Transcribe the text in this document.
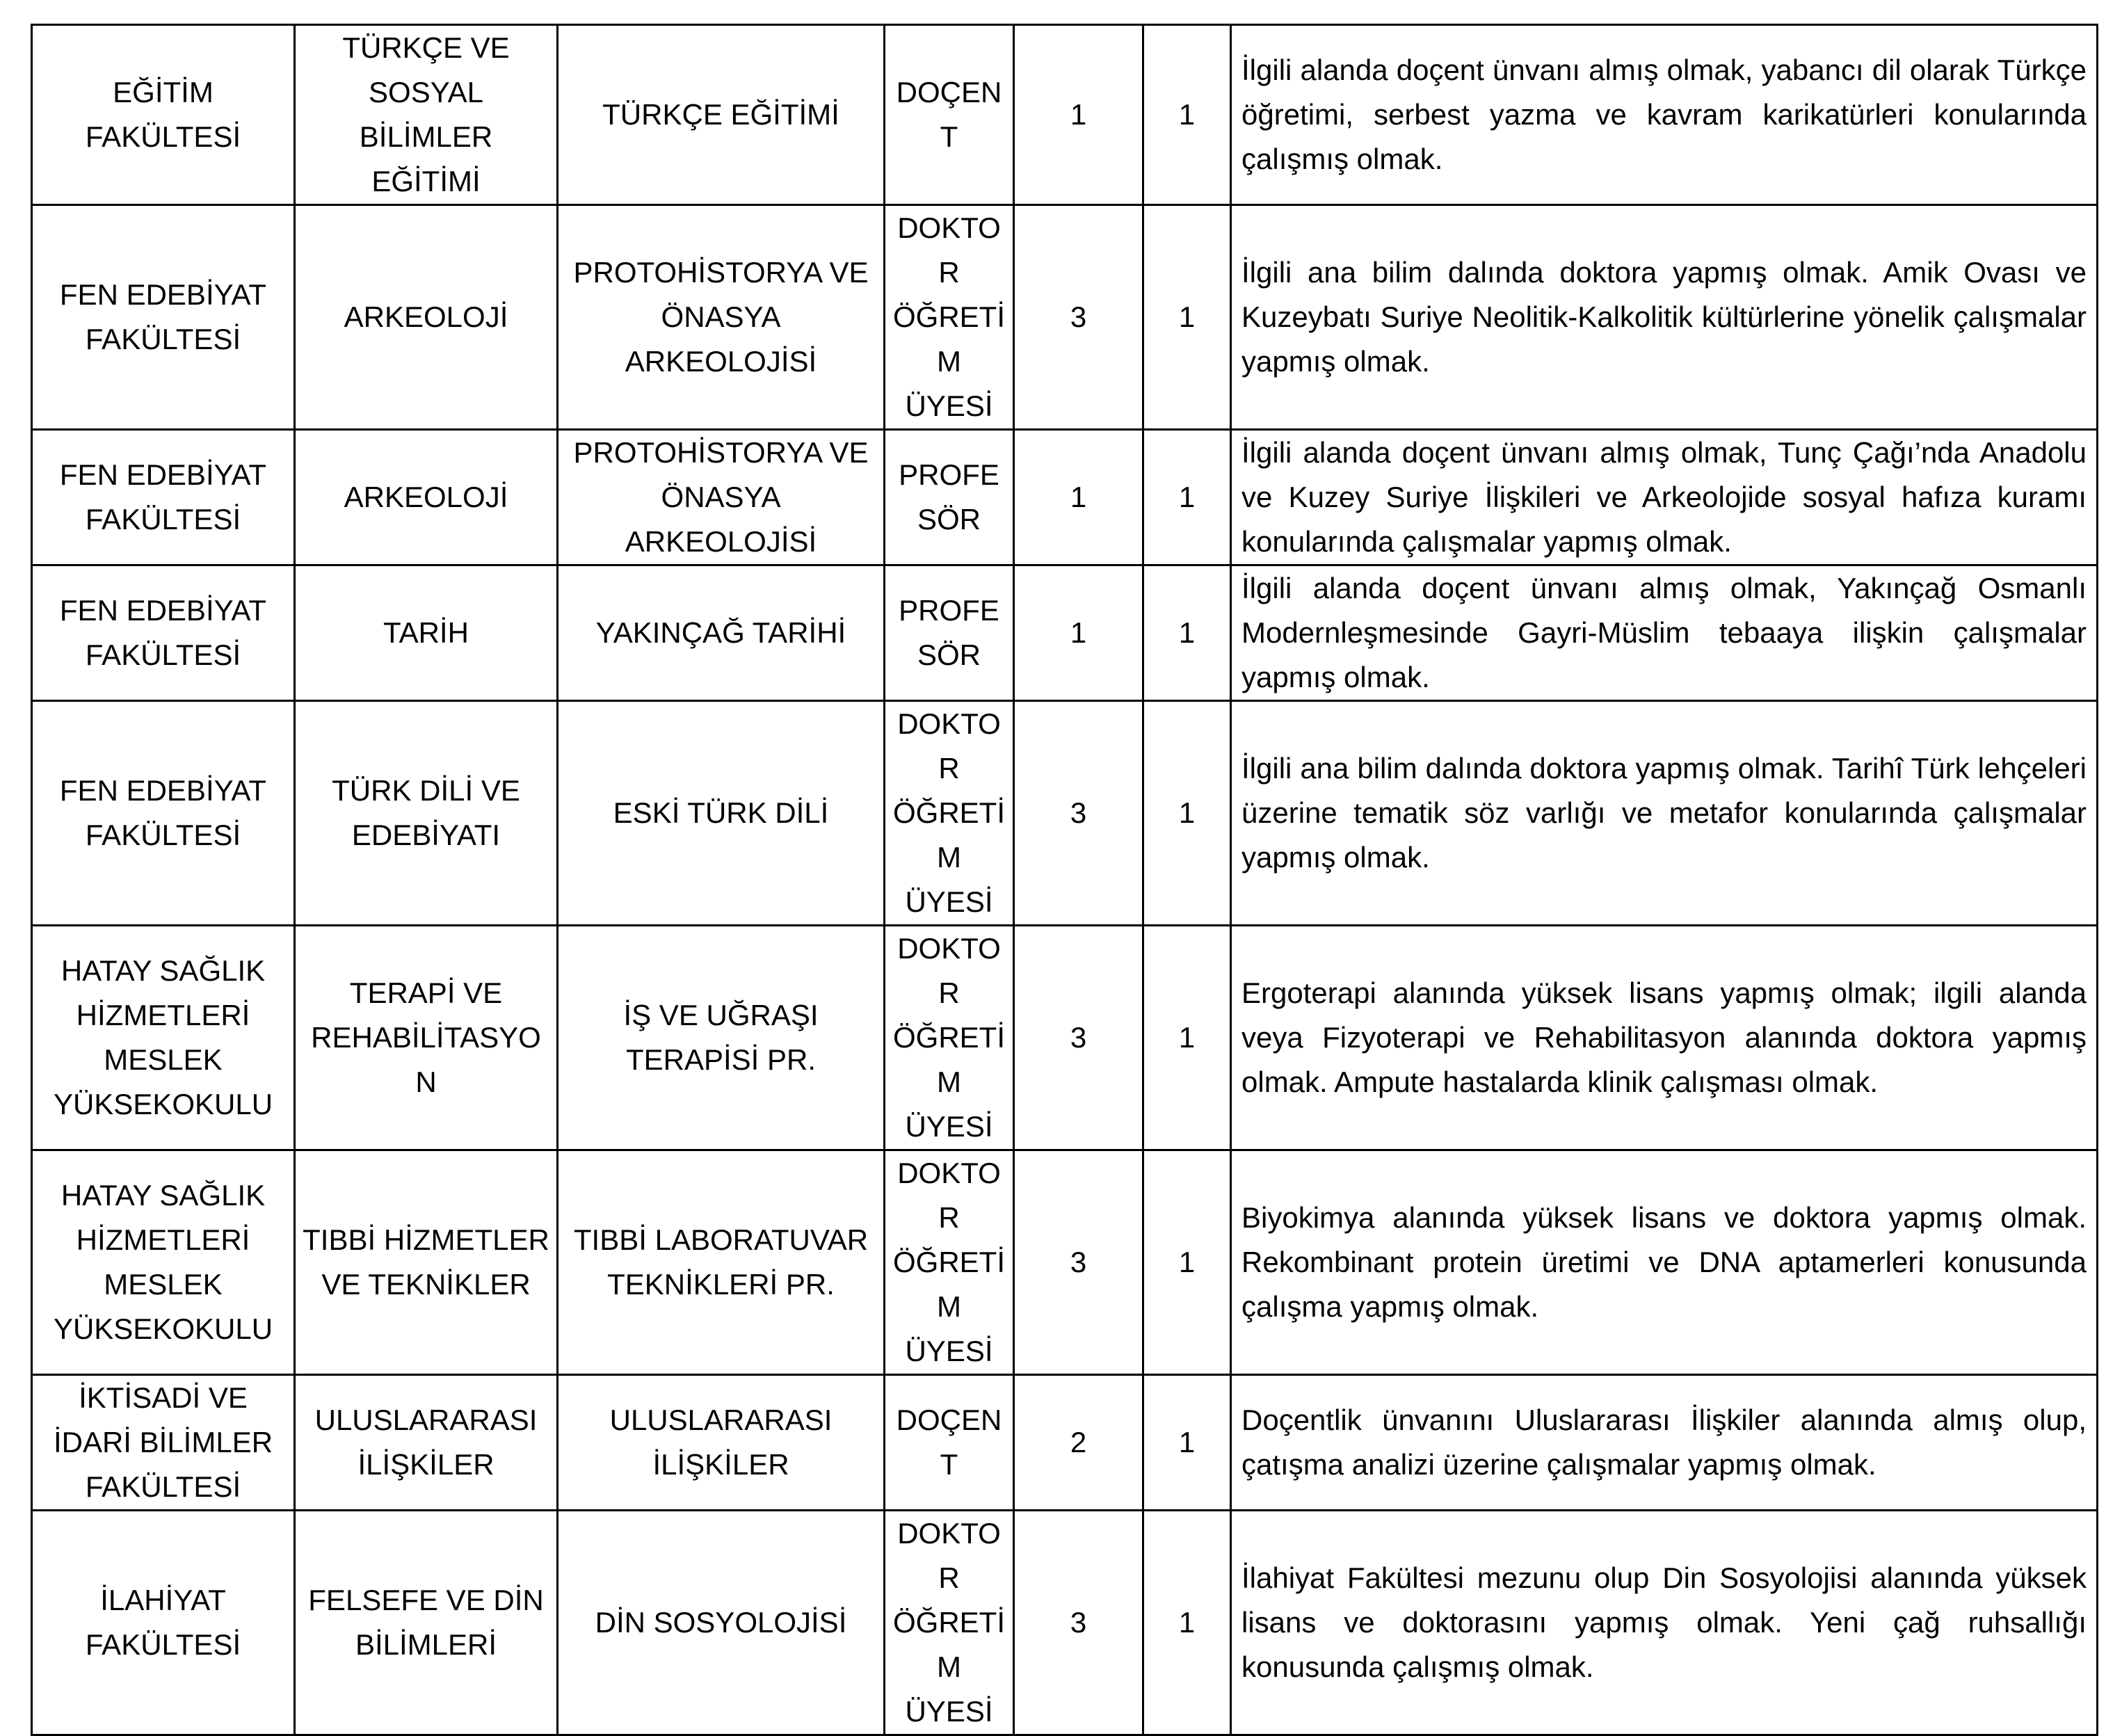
EĞİTİM FAKÜLTESİ	TÜRKÇE VE SOSYAL BİLİMLER EĞİTİMİ	TÜRKÇE EĞİTİMİ	DOÇENT	1	1	İlgili alanda doçent ünvanı almış olmak, yabancı dil olarak Türkçe öğretimi, serbest yazma ve kavram karikatürleri konularında çalışmış olmak.

FEN EDEBİYAT FAKÜLTESİ	ARKEOLOJİ	PROTOHİSTORYA VE ÖNASYA ARKEOLOJİSİ	DOKTOR ÖĞRETİM ÜYESİ	3	1	İlgili ana bilim dalında doktora yapmış olmak. Amik Ovası ve Kuzeybatı Suriye Neolitik-Kalkolitik kültürlerine yönelik çalışmalar yapmış olmak.

FEN EDEBİYAT FAKÜLTESİ	ARKEOLOJİ	PROTOHİSTORYA VE ÖNASYA ARKEOLOJİSİ	PROFESÖR	1	1	İlgili alanda doçent ünvanı almış olmak, Tunç Çağı’nda Anadolu ve Kuzey Suriye İlişkileri ve Arkeolojide sosyal hafıza kuramı konularında çalışmalar yapmış olmak.

FEN EDEBİYAT FAKÜLTESİ	TARİH	YAKINÇAĞ TARİHİ	PROFESÖR	1	1	İlgili alanda doçent ünvanı almış olmak, Yakınçağ Osmanlı Modernleşmesinde Gayri-Müslim tebaaya ilişkin çalışmalar yapmış olmak.

FEN EDEBİYAT FAKÜLTESİ	TÜRK DİLİ VE EDEBİYATI	ESKİ TÜRK DİLİ	DOKTOR ÖĞRETİM ÜYESİ	3	1	İlgili ana bilim dalında doktora yapmış olmak. Tarihî Türk lehçeleri üzerine tematik söz varlığı ve metafor konularında çalışmalar yapmış olmak.

HATAY SAĞLIK HİZMETLERİ MESLEK YÜKSEKOKULU	TERAPİ VE REHABİLİTASYON	İŞ VE UĞRAŞI TERAPİSİ PR.	DOKTOR ÖĞRETİM ÜYESİ	3	1	Ergoterapi alanında yüksek lisans yapmış olmak; ilgili alanda veya Fizyoterapi ve Rehabilitasyon alanında doktora yapmış olmak. Ampute hastalarda klinik çalışması olmak.

HATAY SAĞLIK HİZMETLERİ MESLEK YÜKSEKOKULU	TIBBİ HİZMETLER VE TEKNİKLER	TIBBİ LABORATUVAR TEKNİKLERİ PR.	DOKTOR ÖĞRETİM ÜYESİ	3	1	Biyokimya alanında yüksek lisans ve doktora yapmış olmak. Rekombinant protein üretimi ve DNA aptamerleri konusunda çalışma yapmış olmak.

İKTİSADİ VE İDARİ BİLİMLER FAKÜLTESİ	ULUSLARARASI İLİŞKİLER	ULUSLARARASI İLİŞKİLER	DOÇENT	2	1	Doçentlik ünvanını Uluslararası İlişkiler alanında almış olup, çatışma analizi üzerine çalışmalar yapmış olmak.

İLAHİYAT FAKÜLTESİ	FELSEFE VE DİN BİLİMLERİ	DİN SOSYOLOJİSİ	DOKTOR ÖĞRETİM ÜYESİ	3	1	İlahiyat Fakültesi mezunu olup Din Sosyolojisi alanında yüksek lisans ve doktorasını yapmış olmak. Yeni çağ ruhsallığı konusunda çalışmış olmak.
